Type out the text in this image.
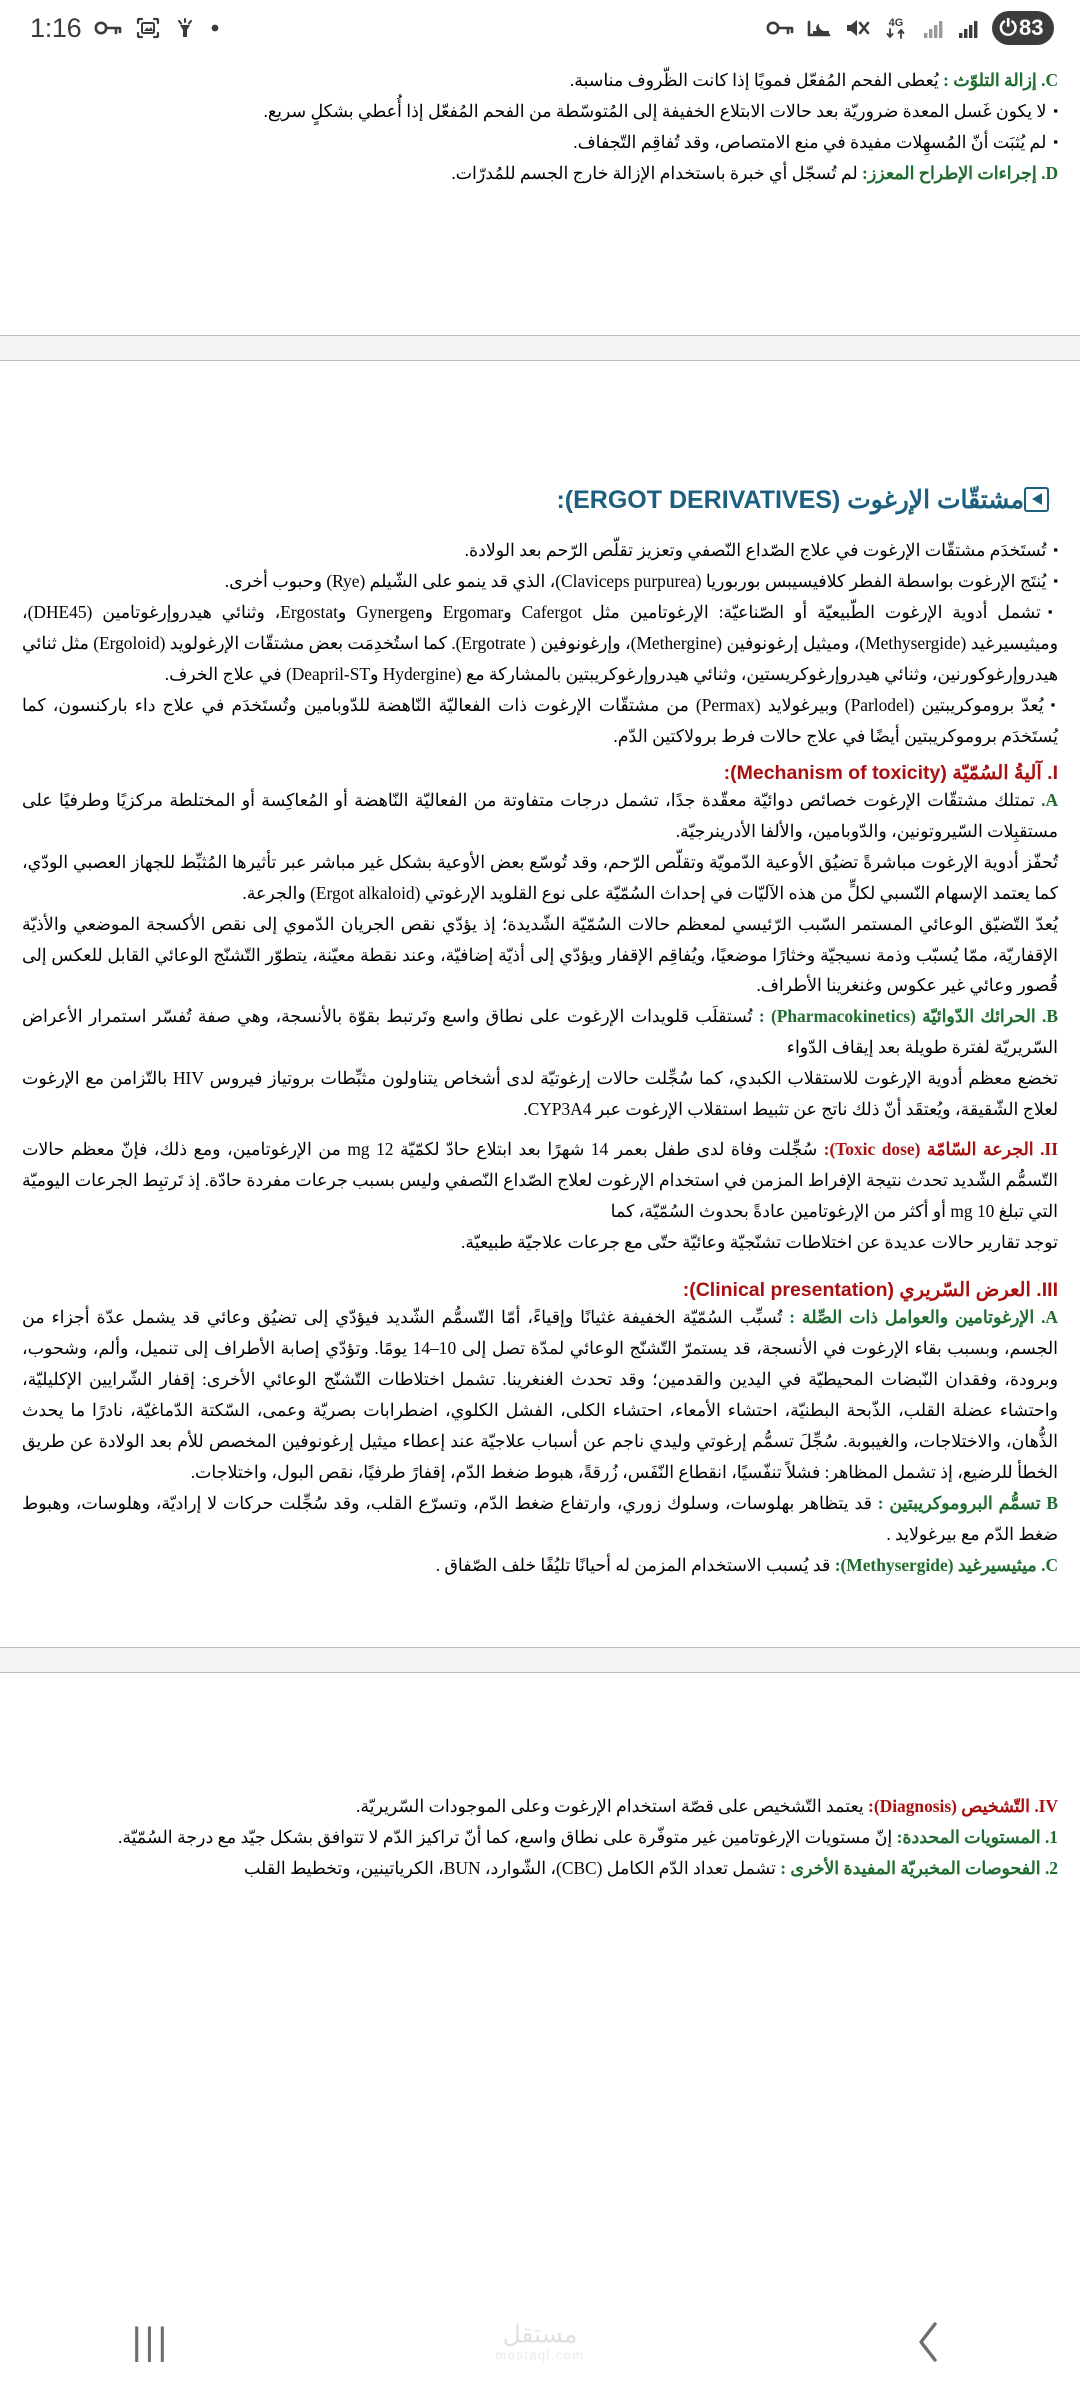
1:16	4G	⏻ 83

C. إزالة التلوّث : يُعطى الفحم المُفعّل فمويًا إذا كانت الظّروف مناسبة.

▪ لا يكون غَسل المعدة ضروريّة بعد حالات الابتلاع الخفيفة إلى المُتوسّطة من الفحم المُفعّل إذا أُعطي بشكلٍ سريع.

▪ لم يُثبَت أنّ المُسهِلات مفيدة في منع الامتصاص، وقد تُفاقِم التّجفاف.

D. إجراءات الإطراح المعزز: لم تُسجّل أي خبرة باستخدام الإزالة خارج الجسم للمُدرّات.

مشتقّات الإرغوت (ERGOT DERIVATIVES):

▪ تُستَخدَم مشتقّات الإرغوت في علاج الصّداع النّصفي وتعزيز تقلّص الرّحم بعد الولادة.

▪ يُنتَج الإرغوت بواسطة الفطر كلافيسيبس بوربوريا (Claviceps purpurea)، الذي قد ينمو على الشّيلم (Rye) وحبوب أخرى.

▪ تشمل أدوية الإرغوت الطّبيعيّة أو الصّناعيّة: الإرغوتامين مثل Cafergot وErgomar وGynergen وErgostat، وثنائي هيدروإرغوتامين (DHE45)، وميثيسيرغيد (Methysergide)، وميثيل إرغونوفين (Methergine)، وإرغونوفين ( Ergotrate). كما استُخدِمَت بعض مشتقّات الإرغولويد (Ergoloid) مثل ثنائي هيدروإرغوكورنين، وثنائي هيدروإرغوكريستين، وثنائي هيدروإرغوكريبتين بالمشاركة مع (Hydergine وDeapril-ST) في علاج الخرف.

▪ يُعدّ بروموكريبتين (Parlodel) وبيرغولايد (Permax) من مشتقّات الإرغوت ذات الفعاليّة النّاهضة للدّوبامين وتُستَخدَم في علاج داء باركنسون، كما يُستَخدَم بروموكريبتين أيضًا في علاج حالات فرط برولاكتين الدّم.

I. آليةُ السُمّيّة (Mechanism of toxicity):

A. تمتلك مشتقّات الإرغوت خصائص دوائيّة معقّدة جدًا، تشمل درجات متفاوتة من الفعاليّة النّاهضة أو المُعاكِسة أو المختلطة مركزيًا وطرفيًا على مستقبِلات السّيروتونين، والدّوبامين، والألفا الأدرينرجيّة.

تُحفّز أدوية الإرغوت مباشرةً تضيُق الأوعية الدّمويّة وتقلّص الرّحم، وقد تُوسّع بعض الأوعية بشكل غير مباشر عبر تأثيرها المُثبِّط للجهاز العصبي الودّي، كما يعتمد الإسهام النّسبي لكلٍّ من هذه الآليّات في إحداث السُمّيّة على نوع القلويد الإرغوتي (Ergot alkaloid) والجرعة.

يُعدّ التّضيّق الوعائي المستمر السّبب الرّئيسي لمعظم حالات السُمّيّة الشّديدة؛ إذ يؤدّي نقص الجريان الدّموي إلى نقص الأكسجة الموضعي والأذيّة الإقفاريّة، ممّا يُسبّب وذمة نسيجيّة وخثارًا موضعيًا، ويُفاقِم الإقفار ويؤدّي إلى أذيّة إضافيّة، وعند نقطة معيّنة، يتطوّر التّشنّج الوعائي القابل للعكس إلى قُصور وعائي غير عكوس وغنغرينا الأطراف.

B. الحرائك الدّوائيّة (Pharmacokinetics) : تُستقلَب قلويدات الإرغوت على نطاق واسع وتَرتبط بقوّة بالأنسجة، وهي صفة تُفسّر استمرار الأعراض السّريريّة لفترة طويلة بعد إيقاف الدّواء

تخضع معظم أدوية الإرغوت للاستقلاب الكبدي، كما سُجِّلت حالات إرغوتيّة لدى أشخاص يتناولون مثبِّطات بروتياز فيروس HIV بالتّزامن مع الإرغوت لعلاج الشّقيقة، ويُعتقَد أنّ ذلك ناتج عن تثبيط استقلاب الإرغوت عبر CYP3A4.

II. الجرعة السّامّة (Toxic dose): سُجِّلت وفاة لدى طفل بعمر 14 شهرًا بعد ابتلاع حادّ لكمّيّة 12 mg من الإرغوتامين، ومع ذلك، فإنّ معظم حالات التّسمُّم الشّديد تحدث نتيجة الإفراط المزمن في استخدام الإرغوت لعلاج الصّداع النّصفي وليس بسبب جرعات مفردة حادّة. إذ تَرتبِط الجرعات اليوميّة التي تبلغ 10 mg أو أكثر من الإرغوتامين عادةً بحدوث السُمّيّة، كما

توجد تقارير حالات عديدة عن اختلاطات تشنّجيّة وعائيّة حتّى مع جرعات علاجيّة طبيعيّة.

III. العرض السّريري (Clinical presentation):

A. الإرغوتامين والعوامل ذات الصِّلة : تُسبِّب السُمّيّة الخفيفة غثيانًا وإقياءً، أمّا التّسمُّم الشّديد فيؤدّي إلى تضيُق وعائي قد يشمل عدّة أجزاء من الجسم، وبسبب بقاء الإرغوت في الأنسجة، قد يستمرّ التّشنّج الوعائي لمدّة تصل إلى 10–14 يومًا. وتؤدّي إصابة الأطراف إلى تنميل، وألم، وشحوب، وبرودة، وفقدان النّبضات المحيطيّة في اليدين والقدمين؛ وقد تحدث الغنغرينا. تشمل اختلاطات التّشنّج الوعائي الأخرى: إقفار الشّرايين الإكليليّة، واحتشاء عضلة القلب، الذّبحة البطنيّة، احتشاء الأمعاء، احتشاء الكلى، الفشل الكلوي، اضطرابات بصريّة وعمى، السّكتة الدّماغيّة، نادرًا ما يحدث الذُّهان، والاختلاجات، والغيبوبة. سُجِّلَ تسمُّم إرغوتي وليدي ناجم عن أسباب علاجيّة عند إعطاء ميثيل إرغونوفين المخصص للأم بعد الولادة عن طريق الخطأ للرضيع، إذ تشمل المظاهر: فشلاً تنفّسيًا، انقطاع النّفَس، زُرقةً، هبوط ضغط الدّم، إقفارً طرفيًا، نقص البول، واختلاجات.

B تسمُّم البروموكريبتين : قد يتظاهر بهلوسات، وسلوك زوري، وارتفاع ضغط الدّم، وتسرّع القلب، وقد سُجِّلت حركات لا إراديّة، وهلوسات، وهبوط ضغط الدّم مع بيرغولايد .

C. ميثيسيرغيد (Methysergide): قد يُسبب الاستخدام المزمن له أحيانًا تليُفًا خلف الصّفاق .

IV. التّشخيص (Diagnosis): يعتمد التّشخيص على قصّة استخدام الإرغوت وعلى الموجودات السّريريّة.

1. المستويات المحددة: إنّ مستويات الإرغوتامين غير متوفّرة على نطاق واسع، كما أنّ تراكيز الدّم لا تتوافق بشكل جيّد مع درجة السُمّيّة.

2. الفحوصات المخبريّة المفيدة الأخرى : تشمل تعداد الدّم الكامل (CBC)، الشّوارد، BUN، الكرياتينين، وتخطيط القلب

|||	مستقل
mostaql.com
